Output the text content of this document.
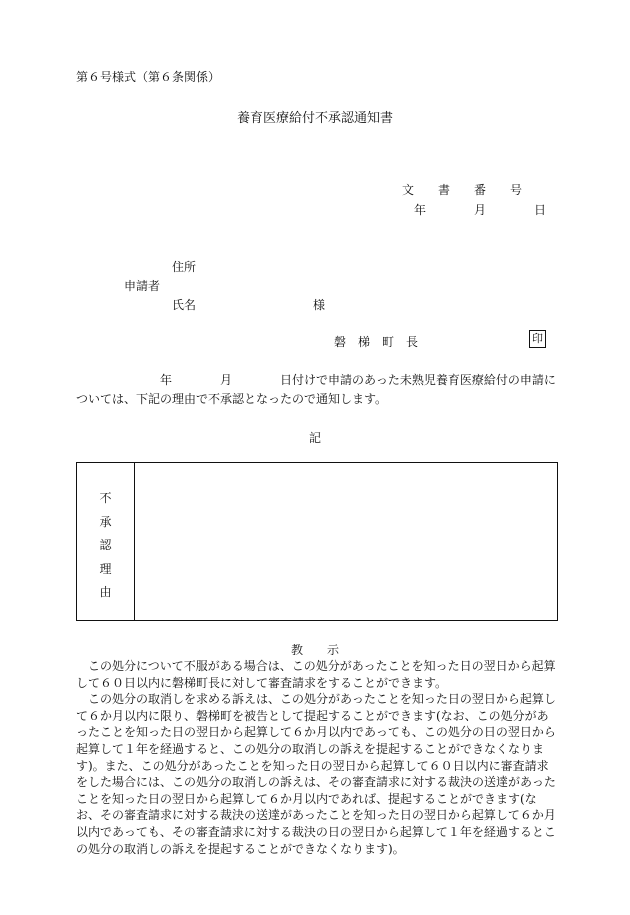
第６号様式（第６条関係）
養育医療給付不承認通知書
文　　書　　番　　号
年　　　　月　　　　日
住所
申請者
氏名	様
磐　梯　町　長	印
　　　　　　　年　　　　月　　　　日付けで申請のあった未熟児養育医療給付の申請については、下記の理由で不承認となったので通知します。
記
不
承
認
理
由
教　　示

　この処分について不服がある場合は、この処分があったことを知った日の翌日から起算して６０日以内に磐梯町長に対して審査請求をすることができます。

　この処分の取消しを求める訴えは、この処分があったことを知った日の翌日から起算して６か月以内に限り、磐梯町を被告として提起することができます(なお、この処分があったことを知った日の翌日から起算して６か月以内であっても、この処分の日の翌日から起算して１年を経過すると、この処分の取消しの訴えを提起することができなくなります)。また、この処分があったことを知った日の翌日から起算して６０日以内に審査請求をした場合には、この処分の取消しの訴えは、その審査請求に対する裁決の送達があったことを知った日の翌日から起算して６か月以内であれば、提起することができます(なお、その審査請求に対する裁決の送達があったことを知った日の翌日から起算して６か月以内であっても、その審査請求に対する裁決の日の翌日から起算して１年を経過するとこの処分の取消しの訴えを提起することができなくなります)。
